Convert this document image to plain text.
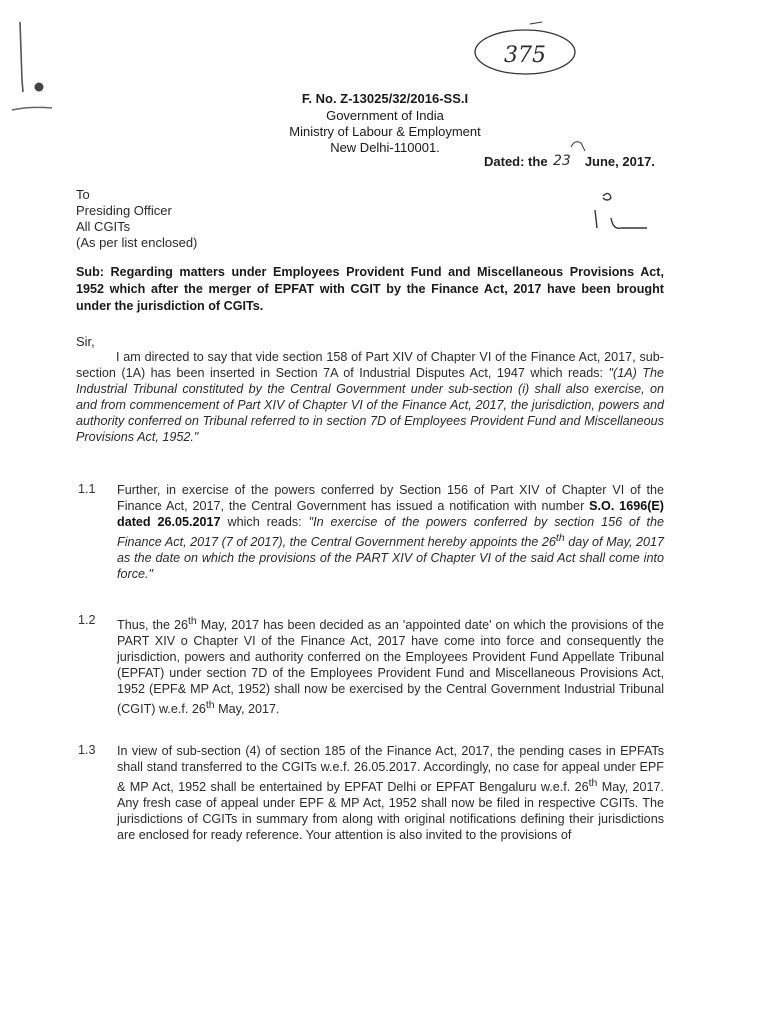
375
F. No. Z-13025/32/2016-SS.I
Government of India
Ministry of Labour & Employment
New Delhi-110001.
23
Dated: the	June, 2017.
To
Presiding Officer
All CGITs
(As per list enclosed)
Sub: Regarding matters under Employees Provident Fund and Miscellaneous Provisions Act, 1952 which after the merger of EPFAT with CGIT by the Finance Act, 2017 have been brought under the jurisdiction of CGITs.
Sir,
I am directed to say that vide section 158 of Part XIV of Chapter VI of the Finance Act, 2017, sub-section (1A) has been inserted in Section 7A of Industrial Disputes Act, 1947 which reads: "(1A) The Industrial Tribunal constituted by the Central Government under sub-section (i) shall also exercise, on and from commencement of Part XIV of Chapter VI of the Finance Act, 2017, the jurisdiction, powers and authority conferred on Tribunal referred to in section 7D of Employees Provident Fund and Miscellaneous Provisions Act, 1952."
1.1 Further, in exercise of the powers conferred by Section 156 of Part XIV of Chapter VI of the Finance Act, 2017, the Central Government has issued a notification with number S.O. 1696(E) dated 26.05.2017 which reads: "In exercise of the powers conferred by section 156 of the Finance Act, 2017 (7 of 2017), the Central Government hereby appoints the 26th day of May, 2017 as the date on which the provisions of the PART XIV of Chapter VI of the said Act shall come into force."
1.2 Thus, the 26th May, 2017 has been decided as an 'appointed date' on which the provisions of the PART XIV o Chapter VI of the Finance Act, 2017 have come into force and consequently the jurisdiction, powers and authority conferred on the Employees Provident Fund Appellate Tribunal (EPFAT) under section 7D of the Employees Provident Fund and Miscellaneous Provisions Act, 1952 (EPF& MP Act, 1952) shall now be exercised by the Central Government Industrial Tribunal (CGIT) w.e.f. 26th May, 2017.
1.3 In view of sub-section (4) of section 185 of the Finance Act, 2017, the pending cases in EPFATs shall stand transferred to the CGITs w.e.f. 26.05.2017. Accordingly, no case for appeal under EPF & MP Act, 1952 shall be entertained by EPFAT Delhi or EPFAT Bengaluru w.e.f. 26th May, 2017. Any fresh case of appeal under EPF & MP Act, 1952 shall now be filed in respective CGITs. The jurisdictions of CGITs in summary from along with original notifications defining their jurisdictions are enclosed for ready reference. Your attention is also invited to the provisions of
